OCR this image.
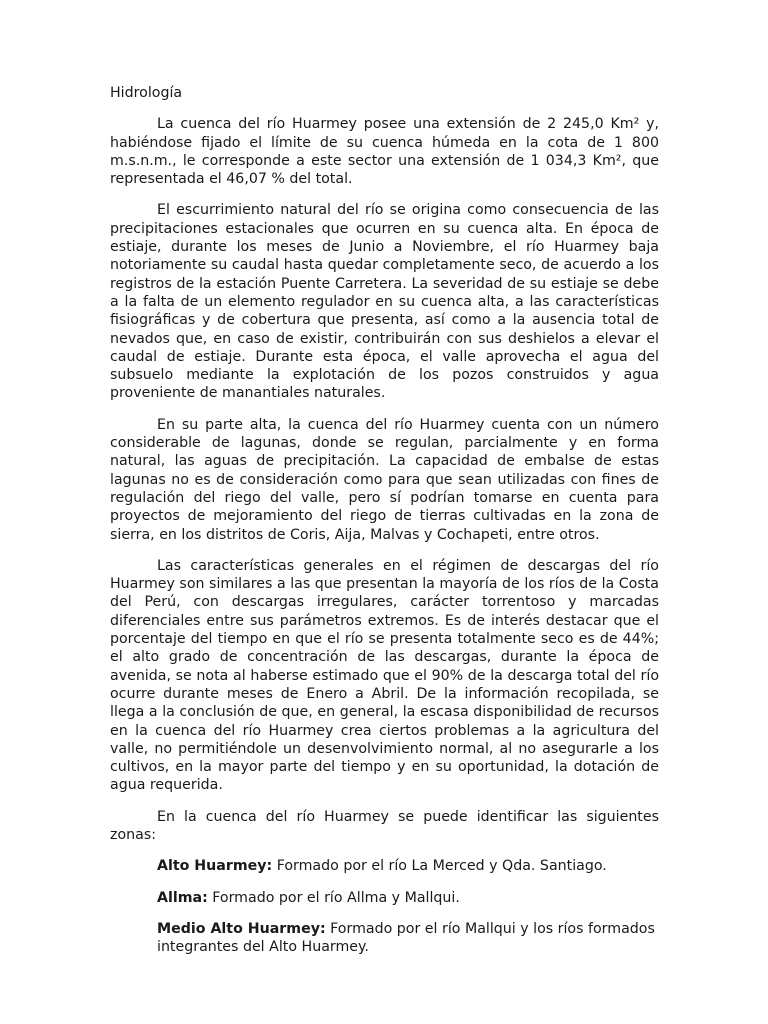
Hidrología

La cuenca del río Huarmey posee una extensión de 2 245,0 Km² y, habiéndose fijado el límite de su cuenca húmeda en la cota de 1 800 m.s.n.m., le corresponde a este sector una extensión de 1 034,3 Km², que representada el 46,07 % del total.

El escurrimiento natural del río se origina como consecuencia de las precipitaciones estacionales que ocurren en su cuenca alta. En época de estiaje, durante los meses de Junio a Noviembre, el río Huarmey baja notoriamente su caudal hasta quedar completamente seco, de acuerdo a los registros de la estación Puente Carretera. La severidad de su estiaje se debe a la falta de un elemento regulador en su cuenca alta, a las características fisiográficas y de cobertura que presenta, así como a la ausencia total de nevados que, en caso de existir, contribuirán con sus deshielos a elevar el caudal de estiaje. Durante esta época, el valle aprovecha el agua del subsuelo mediante la explotación de los pozos construidos y agua proveniente de manantiales naturales.

En su parte alta, la cuenca del río Huarmey cuenta con un número considerable de lagunas, donde se regulan, parcialmente y en forma natural, las aguas de precipitación. La capacidad de embalse de estas lagunas no es de consideración como para que sean utilizadas con fines de regulación del riego del valle, pero sí podrían tomarse en cuenta para proyectos de mejoramiento del riego de tierras cultivadas en la zona de sierra, en los distritos de Coris, Aija, Malvas y Cochapeti, entre otros.

Las características generales en el régimen de descargas del río Huarmey son similares a las que presentan la mayoría de los ríos de la Costa del Perú, con descargas irregulares, carácter torrentoso y marcadas diferenciales entre sus parámetros extremos. Es de interés destacar que el porcentaje del tiempo en que el río se presenta totalmente seco es de 44%; el alto grado de concentración de las descargas, durante la época de avenida, se nota al haberse estimado que el 90% de la descarga total del río ocurre durante meses de Enero a Abril. De la información recopilada, se llega a la conclusión de que, en general, la escasa disponibilidad de recursos en la cuenca del río Huarmey crea ciertos problemas a la agricultura del valle, no permitiéndole un desenvolvimiento normal, al no asegurarle a los cultivos, en la mayor parte del tiempo y en su oportunidad, la dotación de agua requerida.

En la cuenca del río Huarmey se puede identificar las siguientes zonas:

Alto Huarmey: Formado por el río La Merced y Qda. Santiago.

Allma: Formado por el río Allma y Mallqui.

Medio Alto Huarmey: Formado por el río Mallqui y los ríos formados integrantes del Alto Huarmey.
